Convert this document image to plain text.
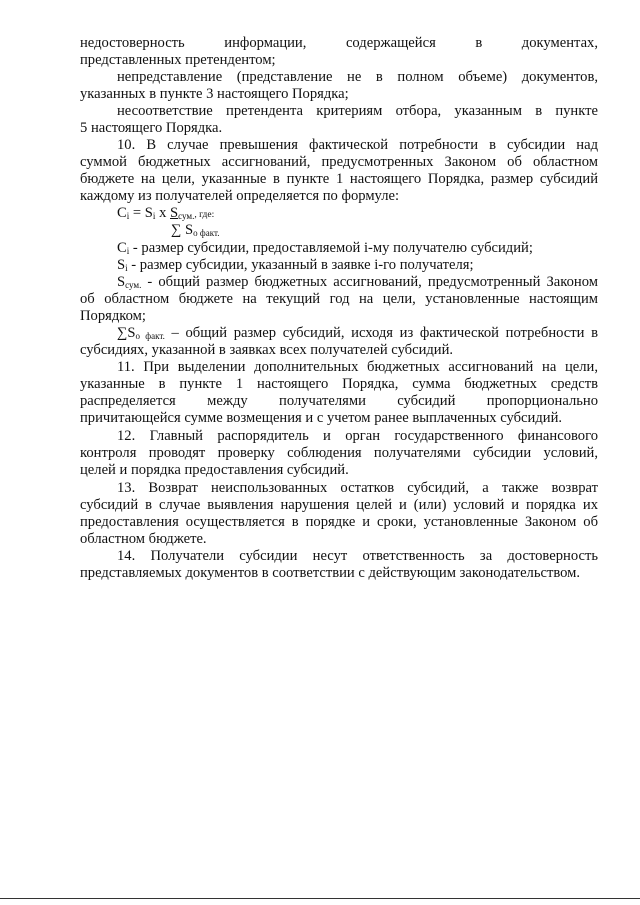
недостоверность информации, содержащейся в документах,
представленных претендентом;
непредставление (представление не в полном объеме) документов,
указанных в пункте 3 настоящего Порядка;
несоответствие претендента критериям отбора, указанным в пункте
5 настоящего Порядка.
10. В случае превышения фактической потребности в субсидии над
суммой бюджетных ассигнований, предусмотренных Законом об областном
бюджете на цели, указанные в пункте 1 настоящего Порядка, размер субсидий
каждому из получателей определяется по формуле:
$C_i = S_i$ x $S_{сум.}$, где:
∑ $S_{о факт.}$
$C_i$ - размер субсидии, предоставляемой i-му получателю субсидий;
$S_i$ - размер субсидии, указанный в заявке i-го получателя;
$S_{сум.}$ - общий размер бюджетных ассигнований, предусмотренный Законом
об областном бюджете на текущий год на цели, установленные настоящим
Порядком;
$\sum S_{о факт.}$ – общий размер субсидий, исходя из фактической потребности в
субсидиях, указанной в заявках всех получателей субсидий.
11. При выделении дополнительных бюджетных ассигнований на цели,
указанные в пункте 1 настоящего Порядка, сумма бюджетных средств
распределяется между получателями субсидий пропорционально
причитающейся сумме возмещения и с учетом ранее выплаченных субсидий.
12. Главный распорядитель и орган государственного финансового
контроля проводят проверку соблюдения получателями субсидии условий,
целей и порядка предоставления субсидий.
13. Возврат неиспользованных остатков субсидий, а также возврат
субсидий в случае выявления нарушения целей и (или) условий и порядка их
предоставления осуществляется в порядке и сроки, установленные Законом об
областном бюджете.
14. Получатели субсидии несут ответственность за достоверность
представляемых документов в соответствии с действующим законодательством.
